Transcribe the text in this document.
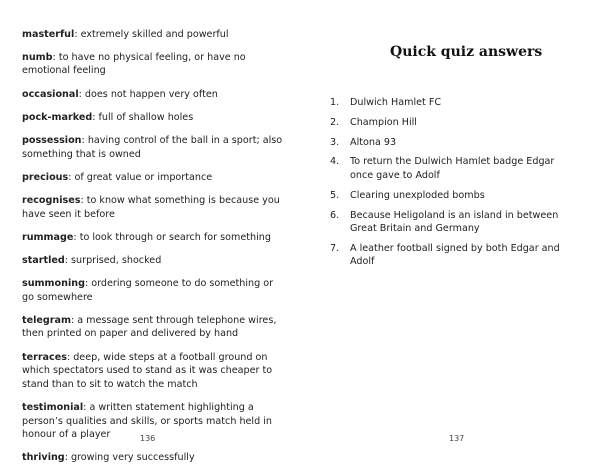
masterful: extremely skilled and powerful

numb: to have no physical feeling, or have no emotional feeling

occasional: does not happen very often

pock-marked: full of shallow holes

possession: having control of the ball in a sport; also something that is owned

precious: of great value or importance

recognises: to know what something is because you have seen it before

rummage: to look through or search for something

startled: surprised, shocked

summoning: ordering someone to do something or go somewhere

telegram: a message sent through telephone wires, then printed on paper and delivered by hand

terraces: deep, wide steps at a football ground on which spectators used to stand as it was cheaper to stand than to sit to watch the match

testimonial: a written statement highlighting a person’s qualities and skills, or sports match held in honour of a player

thriving: growing very successfully

136
Quick quiz answers
1.	Dulwich Hamlet FC
2.	Champion Hill
3.	Altona 93
4.	To return the Dulwich Hamlet badge Edgar once gave to Adolf
5.	Clearing unexploded bombs
6.	Because Heligoland is an island in between Great Britain and Germany
7.	A leather football signed by both Edgar and Adolf
137
